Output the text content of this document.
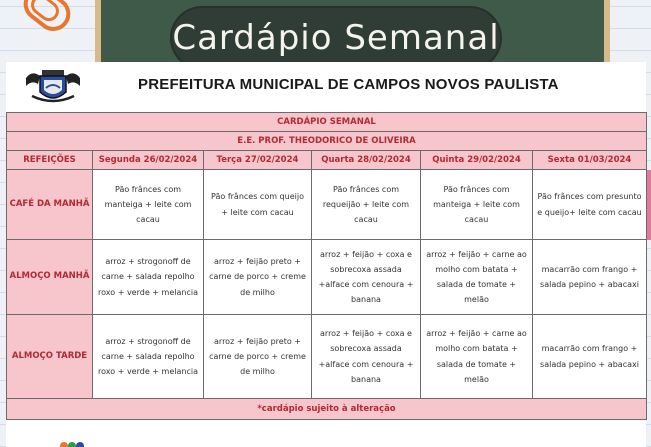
Cardápio Semanal
PREFEITURA MUNICIPAL DE CAMPOS NOVOS PAULISTA
CARDÁPIO SEMANAL					
E.E. PROF. THEODORICO DE OLIVEIRA					
REFEIÇÕES	Segunda 26/02/2024	Terça 27/02/2024	Quarta 28/02/2024	Quinta 29/02/2024	Sexta 01/03/2024
CAFÉ DA MANHÃ	Pão frânces com manteiga + leite com cacau	Pão frânces com queijo + leite com cacau	Pão frânces com requeijão + leite com cacau	Pão frânces com manteiga + leite com cacau	Pão frânces com presunto e queijo+ leite com cacau
ALMOÇO MANHÃ	arroz + strogonoff de carne + salada repolho roxo + verde + melancia	arroz + feijão preto + carne de porco + creme de milho	arroz + feijão + coxa e sobrecoxa assada +alface com cenoura + banana	arroz + feijão + carne ao molho com batata + salada de tomate + melão	macarrão com frango + salada pepino + abacaxi
ALMOÇO TARDE	arroz + strogonoff de carne + salada repolho roxo + verde + melancia	arroz + feijão preto + carne de porco + creme de milho	arroz + feijão + coxa e sobrecoxa assada +alface com cenoura + banana	arroz + feijão + carne ao molho com batata + salada de tomate + melão	macarrão com frango + salada pepino + abacaxi
*cardápio sujeito à alteração					
